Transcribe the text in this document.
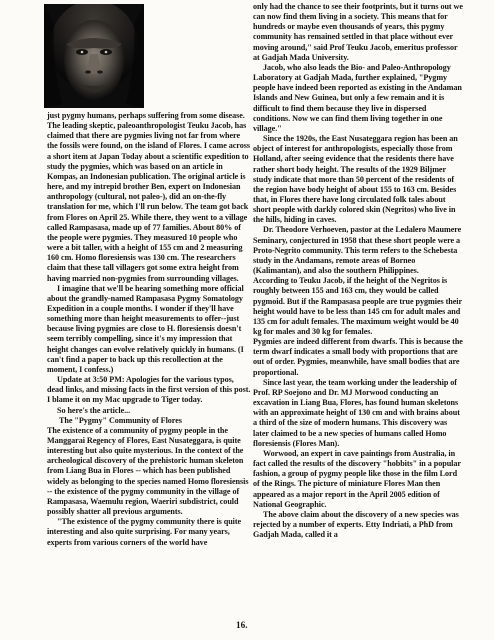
just pygmy humans, perhaps suffering from some disease. The leading skeptic, paleoanthropologist Teuku Jacob, has claimed that there are pygmies living not far from where the fossils were found, on the island of Flores. I came across a short item at Japan Today about a scientific expedition to study the pygmies, which was based on an article in Kompas, an Indonesian publication. The original article is here, and my intrepid brother Ben, expert on Indonesian anthropology (cultural, not paleo-), did an on-the-fly translation for me, which I'll run below. The team got back from Flores on April 25. While there, they went to a village called Rampasasa, made up of 77 families. About 80% of the people were pygmies. They measured 10 people who were a bit taller, with a height of 155 cm and 2 measuring 160 cm. Homo floresiensis was 130 cm. The researchers claim that these tall villagers got some extra height from having married non-pygmies from surrounding villages.

I imagine that we'll be hearing something more official about the grandly-named Rampasasa Pygmy Somatology Expedition in a couple months. I wonder if they'll have something more than height measurements to offer--just because living pygmies are close to H. floresiensis doesn't seem terribly compelling, since it's my impression that height changes can evolve relatively quickly in humans. (I can't find a paper to back up this recollection at the moment, I confess.)

Update at 3:50 PM: Apologies for the various typos, dead links, and missing facts in the first version of this post. I blame it on my Mac upgrade to Tiger today.

So here's the article...

The "Pygmy" Community of Flores

The existence of a community of pygmy people in the Manggarai Regency of Flores, East Nusateggara, is quite interesting but also quite mysterious. In the context of the archeological discovery of the prehistoric human skeleton from Liang Bua in Flores -- which has been published widely as belonging to the species named Homo floresiensis -- the existence of the pygmy community in the village of Rampasasa, Waemulu region, Waeriri subdistrict, could possibly shatter all previous arguments.

"The existence of the pygmy community there is quite interesting and also quite surprising. For many years, experts from various corners of the world have

only had the chance to see their footprints, but it turns out we can now find them living in a society. This means that for hundreds or maybe even thousands of years, this pygmy community has remained settled in that place without ever moving around," said Prof Teuku Jacob, emeritus professor at Gadjah Mada University.

Jacob, who also leads the Bio- and Paleo-Anthropology Laboratory at Gadjah Mada, further explained, "Pygmy people have indeed been reported as existing in the Andaman Islands and New Guinea, but only a few remain and it is difficult to find them because they live in dispersed conditions. Now we can find them living together in one village."

Since the 1920s, the East Nusateggara region has been an object of interest for anthropologists, especially those from Holland, after seeing evidence that the residents there have rather short body height. The results of the 1929 Biljmer study indicate that more than 50 percent of the residents of the region have body height of about 155 to 163 cm. Besides that, in Flores there have long circulated folk tales about short people with darkly colored skin (Negritos) who live in the hills, hiding in caves.

Dr. Theodore Verhoeven, pastor at the Ledalero Maumere Seminary, conjectured in 1958 that these short people were a Proto-Negrito community. This term refers to the Schebesta study in the Andamans, remote areas of Borneo (Kalimantan), and also the southern Philippines.

According to Teuku Jacob, if the height of the Negritos is roughly between 155 and 163 cm, they would be called pygmoid. But if the Rampasasa people are true pygmies their height would have to be less than 145 cm for adult males and 135 cm for adult females. The maximum weight would be 40 kg for males and 30 kg for females.

Pygmies are indeed different from dwarfs. This is because the term dwarf indicates a small body with proportions that are out of order. Pygmies, meanwhile, have small bodies that are proportional.

Since last year, the team working under the leadership of Prof. RP Soejono and Dr. MJ Morwood conducting an excavation in Liang Bua, Flores, has found human skeletons with an approximate height of 130 cm and with brains about a third of the size of modern humans. This discovery was later claimed to be a new species of humans called Homo floresiensis (Flores Man).

Worwood, an expert in cave paintings from Australia, in fact called the results of the discovery "hobbits" in a popular fashion, a group of pygmy people like those in the film Lord of the Rings. The picture of miniature Flores Man then appeared as a major report in the April 2005 edition of National Geographic.

The above claim about the discovery of a new species was rejected by a number of experts. Etty Indriati, a PhD from Gadjah Mada, called it a

16.
